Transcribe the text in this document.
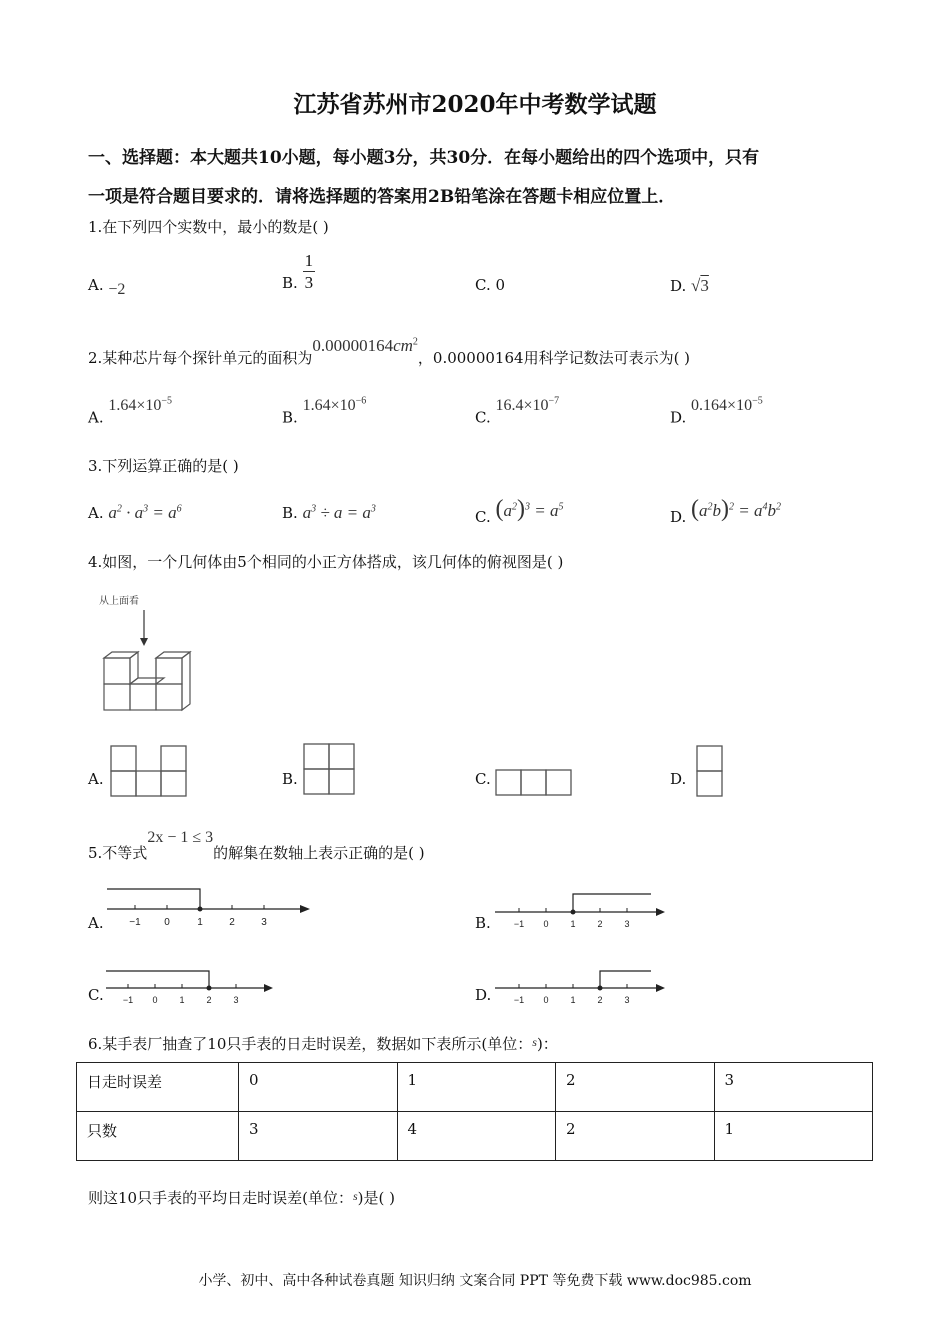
江苏省苏州市2020年中考数学试题
一、选择题：本大题共10小题，每小题3分，共30分．在每小题给出的四个选项中，只有
一项是符合题目要求的．请将选择题的答案用2B铅笔涂在答题卡相应位置上．
1.在下列四个实数中，最小的数是( )
A. −2	B. $\frac{1}{3}$	C. 0	D. √3
2.某种芯片每个探针单元的面积为$0.00000164cm^2$，0.00000164用科学记数法可表示为( )
A. $1.64\times 10^{-5}$
B. $1.64\times 10^{-6}$
C. $16.4\times 10^{-7}$
D. $0.164\times 10^{-5}$
3.下列运算正确的是( )
A. $a^2 \cdot a^3 = a^6$	B. $a^3 \div a = a^3$	C. $(a^2)^3 = a^5$
D. $(a^2b)^2 = a^4b^2$
4.如图，一个几何体由5个相同的小正方体搭成，该几何体的俯视图是( )
从上面看
A.	B.	C.	D.
5.不等式2x − 1 ≤ 3的解集在数轴上表示正确的是( )
A.	−1 0	1	2	3	B.	−1 0 1 2 3
C. −1 0 1 2 3	D.	−1 0 1 2 3
6.某手表厂抽查了10只手表的日走时误差，数据如下表所示(单位：$^s$)：
日走时误差	0	1	2	3
只数	3	4	2	1
则这10只手表的平均日走时误差(单位：$^s$)是( )
小学、初中、高中各种试卷真题 知识归纳 文案合同 PPT 等免费下载 www.doc985.com
